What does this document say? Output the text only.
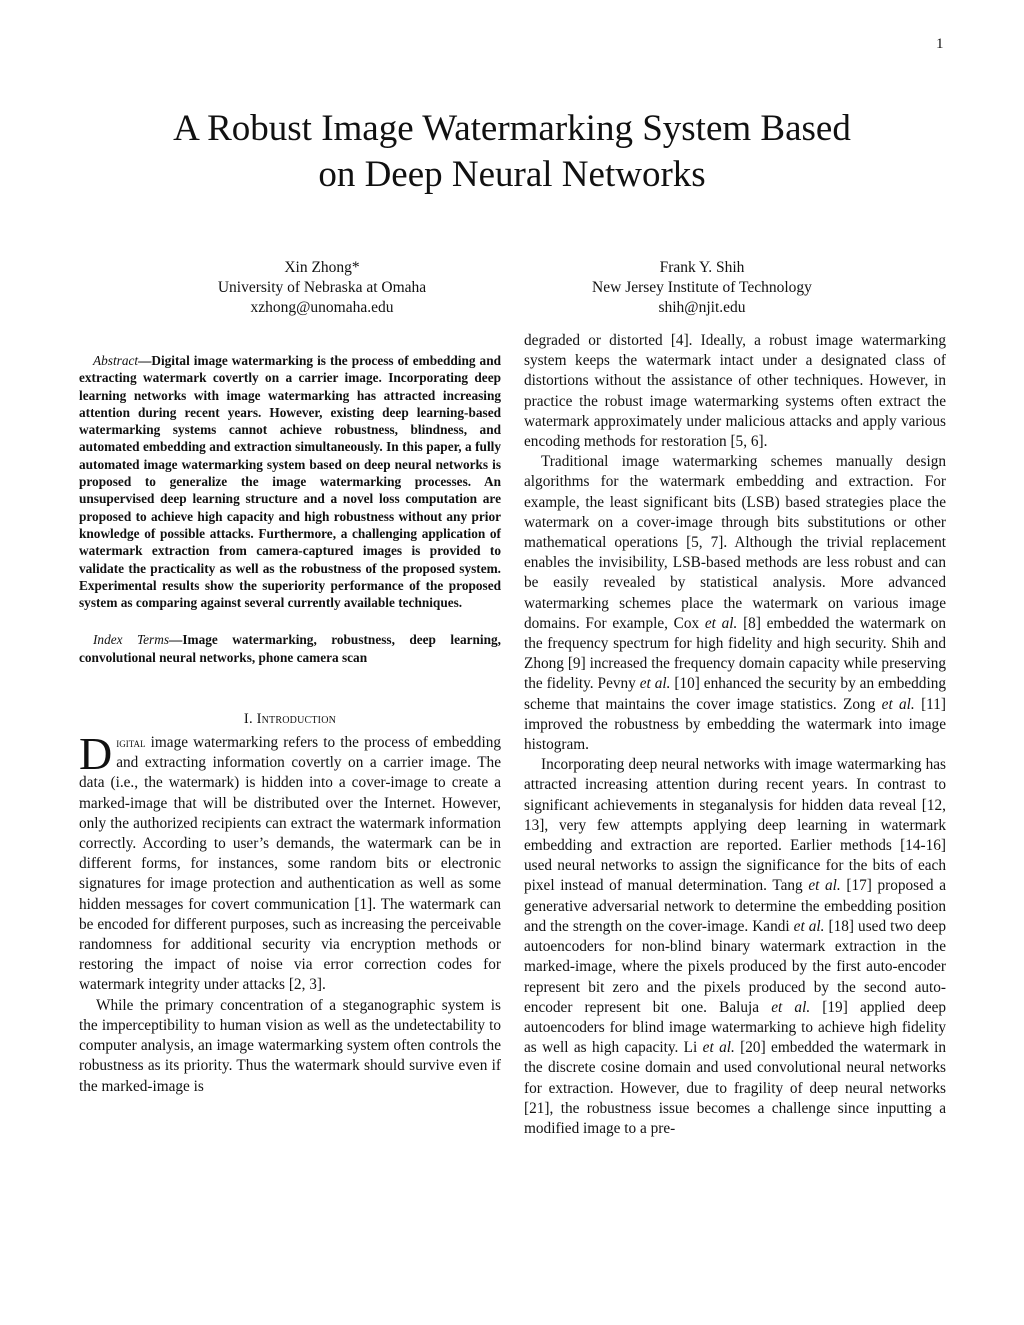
1
A Robust Image Watermarking System Based
on Deep Neural Networks
Xin Zhong*
University of Nebraska at Omaha
xzhong@unomaha.edu
Frank Y. Shih
New Jersey Institute of Technology
shih@njit.edu

Abstract—Digital image watermarking is the process of embedding and extracting watermark covertly on a carrier image. Incorporating deep learning networks with image watermarking has attracted increasing attention during recent years. However, existing deep learning-based watermarking systems cannot achieve robustness, blindness, and automated embedding and extraction simultaneously. In this paper, a fully automated image watermarking system based on deep neural networks is proposed to generalize the image watermarking processes. An unsupervised deep learning structure and a novel loss computation are proposed to achieve high capacity and high robustness without any prior knowledge of possible attacks. Furthermore, a challenging application of watermark extraction from camera-captured images is provided to validate the practicality as well as the robustness of the proposed system. Experimental results show the superiority performance of the proposed system as comparing against several currently available techniques.

Index Terms—Image watermarking, robustness, deep learning, convolutional neural networks, phone camera scan

I. Introduction

Digital image watermarking refers to the process of embedding and extracting information covertly on a carrier image. The data (i.e., the watermark) is hidden into a cover-image to create a marked-image that will be distributed over the Internet. However, only the authorized recipients can extract the watermark information correctly. According to user’s demands, the watermark can be in different forms, for instances, some random bits or electronic signatures for image protection and authentication as well as some hidden messages for covert communication [1]. The watermark can be encoded for different purposes, such as increasing the perceivable randomness for additional security via encryption methods or restoring the impact of noise via error correction codes for watermark integrity under attacks [2, 3].

While the primary concentration of a steganographic system is the imperceptibility to human vision as well as the undetectability to computer analysis, an image watermarking system often controls the robustness as its priority. Thus the watermark should survive even if the marked-image is

degraded or distorted [4]. Ideally, a robust image watermarking system keeps the watermark intact under a designated class of distortions without the assistance of other techniques. However, in practice the robust image watermarking systems often extract the watermark approximately under malicious attacks and apply various encoding methods for restoration [5, 6].

Traditional image watermarking schemes manually design algorithms for the watermark embedding and extraction. For example, the least significant bits (LSB) based strategies place the watermark on a cover-image through bits substitutions or other mathematical operations [5, 7]. Although the trivial replacement enables the invisibility, LSB-based methods are less robust and can be easily revealed by statistical analysis. More advanced watermarking schemes place the watermark on various image domains. For example, Cox et al. [8] embedded the watermark on the frequency spectrum for high fidelity and high security. Shih and Zhong [9] increased the frequency domain capacity while preserving the fidelity. Pevny et al. [10] enhanced the security by an embedding scheme that maintains the cover image statistics. Zong et al. [11] improved the robustness by embedding the watermark into image histogram.

Incorporating deep neural networks with image watermarking has attracted increasing attention during recent years. In contrast to significant achievements in steganalysis for hidden data reveal [12, 13], very few attempts applying deep learning in watermark embedding and extraction are reported. Earlier methods [14-16] used neural networks to assign the significance for the bits of each pixel instead of manual determination. Tang et al. [17] proposed a generative adversarial network to determine the embedding position and the strength on the cover-image. Kandi et al. [18] used two deep autoencoders for non-blind binary watermark extraction in the marked-image, where the pixels produced by the first auto-encoder represent bit zero and the pixels produced by the second auto-encoder represent bit one. Baluja et al. [19] applied deep autoencoders for blind image watermarking to achieve high fidelity as well as high capacity. Li et al. [20] embedded the watermark in the discrete cosine domain and used convolutional neural networks for extraction. However, due to fragility of deep neural networks [21], the robustness issue becomes a challenge since inputting a modified image to a pre-
